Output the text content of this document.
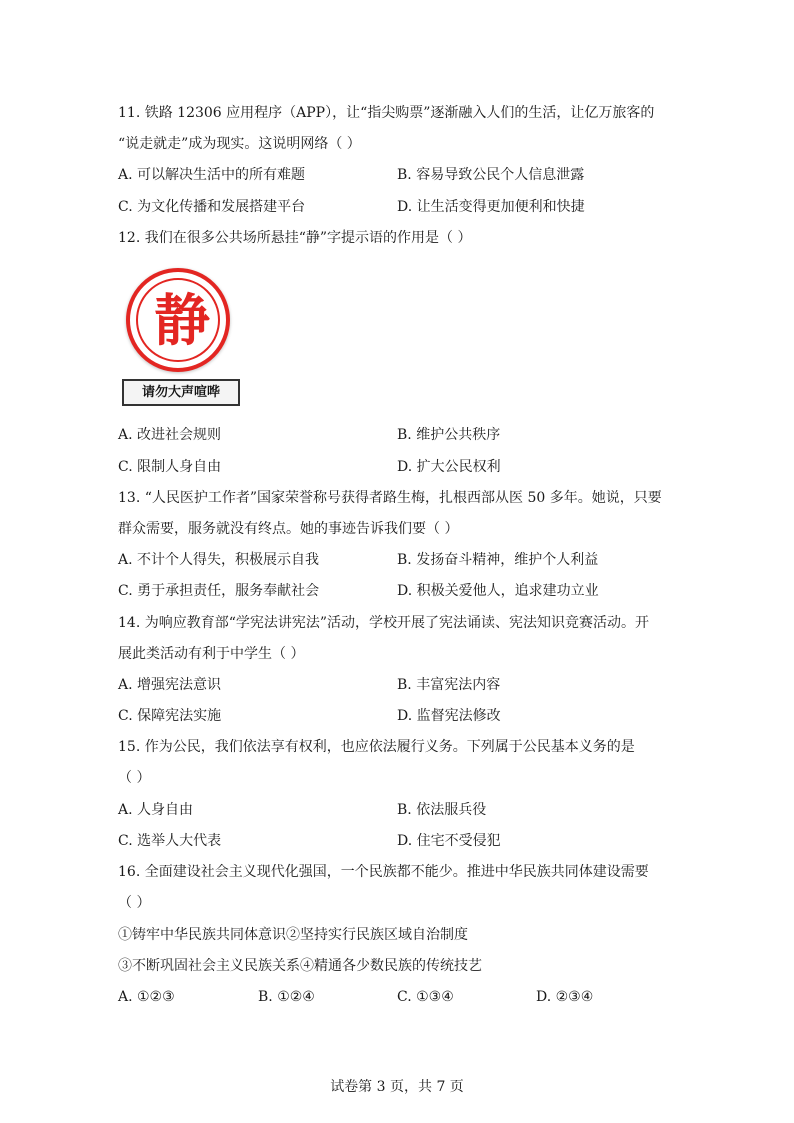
11. 铁路 12306 应用程序（APP），让“指尖购票”逐渐融入人们的生活，让亿万旅客的
“说走就走”成为现实。这说明网络（ ）
A. 可以解决生活中的所有难题	B. 容易导致公民个人信息泄露
C. 为文化传播和发展搭建平台	D. 让生活变得更加便利和快捷
12. 我们在很多公共场所悬挂“静”字提示语的作用是（ ）
静
请勿大声喧哗
A. 改进社会规则	B. 维护公共秩序
C. 限制人身自由	D. 扩大公民权利
13. “人民医护工作者”国家荣誉称号获得者路生梅，扎根西部从医 50 多年。她说，只要
群众需要，服务就没有终点。她的事迹告诉我们要（ ）
A. 不计个人得失，积极展示自我	B. 发扬奋斗精神，维护个人利益
C. 勇于承担责任，服务奉献社会	D. 积极关爱他人，追求建功立业
14. 为响应教育部“学宪法讲宪法”活动，学校开展了宪法诵读、宪法知识竞赛活动。开
展此类活动有利于中学生（ ）
A. 增强宪法意识	B. 丰富宪法内容
C. 保障宪法实施	D. 监督宪法修改
15. 作为公民，我们依法享有权利，也应依法履行义务。下列属于公民基本义务的是
（ ）
A. 人身自由	B. 依法服兵役
C. 选举人大代表	D. 住宅不受侵犯
16. 全面建设社会主义现代化强国，一个民族都不能少。推进中华民族共同体建设需要
（ ）
①铸牢中华民族共同体意识②坚持实行民族区域自治制度
③不断巩固社会主义民族关系④精通各少数民族的传统技艺
A. ①②③	B. ①②④	C. ①③④	D. ②③④
试卷第 3 页，共 7 页
